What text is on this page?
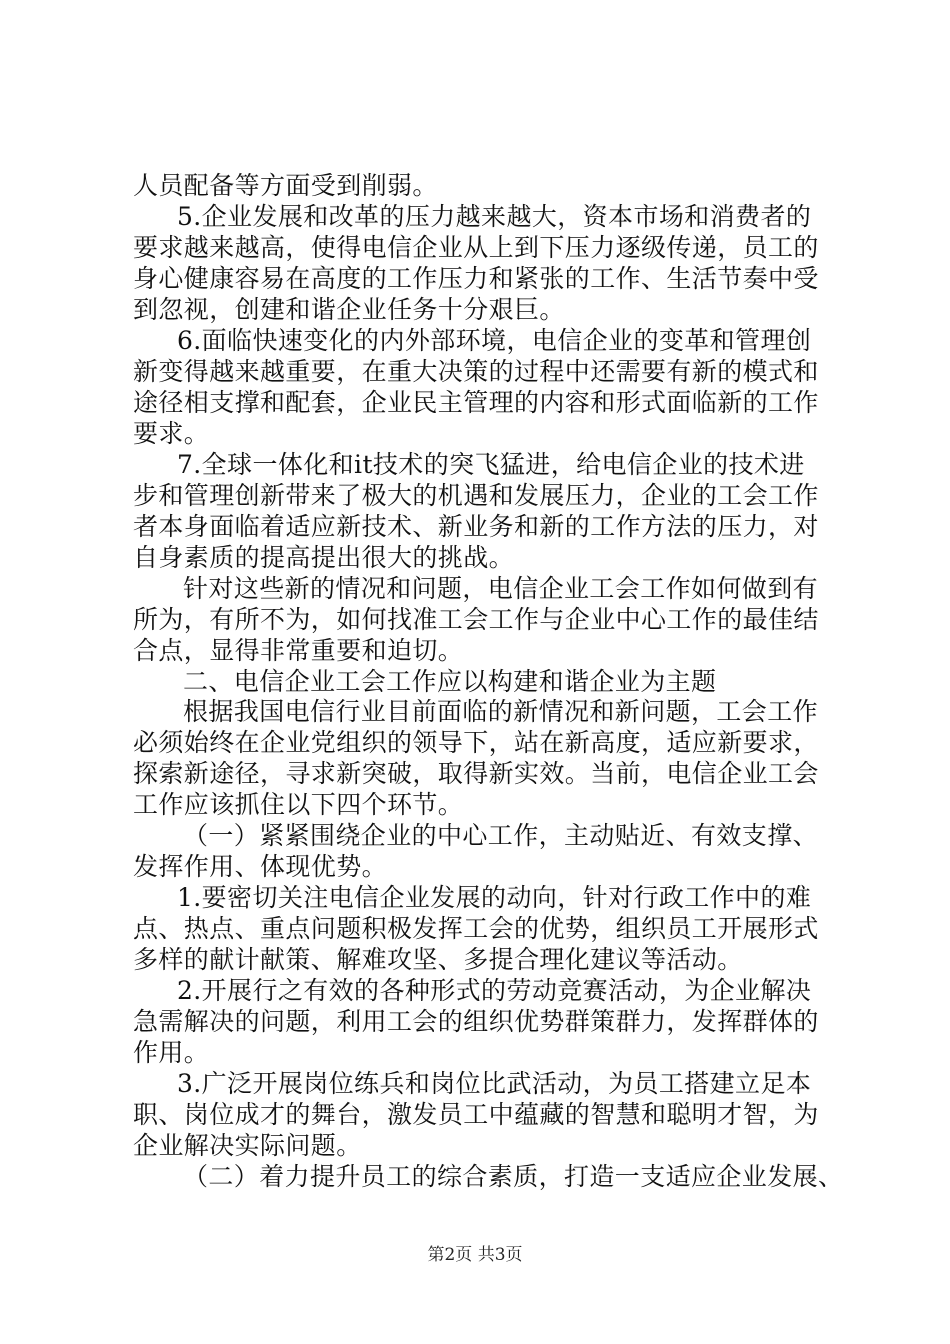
人员配备等方面受到削弱。
5.企业发展和改革的压力越来越大，资本市场和消费者的
要求越来越高，使得电信企业从上到下压力逐级传递，员工的
身心健康容易在高度的工作压力和紧张的工作、生活节奏中受
到忽视，创建和谐企业任务十分艰巨。
6.面临快速变化的内外部环境，电信企业的变革和管理创
新变得越来越重要，在重大决策的过程中还需要有新的模式和
途径相支撑和配套，企业民主管理的内容和形式面临新的工作
要求。
7.全球一体化和it技术的突飞猛进，给电信企业的技术进
步和管理创新带来了极大的机遇和发展压力，企业的工会工作
者本身面临着适应新技术、新业务和新的工作方法的压力，对
自身素质的提高提出很大的挑战。
针对这些新的情况和问题，电信企业工会工作如何做到有
所为，有所不为，如何找准工会工作与企业中心工作的最佳结
合点，显得非常重要和迫切。
二、电信企业工会工作应以构建和谐企业为主题
根据我国电信行业目前面临的新情况和新问题，工会工作
必须始终在企业党组织的领导下，站在新高度，适应新要求，
探索新途径，寻求新突破，取得新实效。当前，电信企业工会
工作应该抓住以下四个环节。
（一）紧紧围绕企业的中心工作，主动贴近、有效支撑、
发挥作用、体现优势。
1.要密切关注电信企业发展的动向，针对行政工作中的难
点、热点、重点问题积极发挥工会的优势，组织员工开展形式
多样的献计献策、解难攻坚、多提合理化建议等活动。
2.开展行之有效的各种形式的劳动竞赛活动，为企业解决
急需解决的问题，利用工会的组织优势群策群力，发挥群体的
作用。
3.广泛开展岗位练兵和岗位比武活动，为员工搭建立足本
职、岗位成才的舞台，激发员工中蕴藏的智慧和聪明才智，为
企业解决实际问题。
（二）着力提升员工的综合素质，打造一支适应企业发展、
第2页 共3页
